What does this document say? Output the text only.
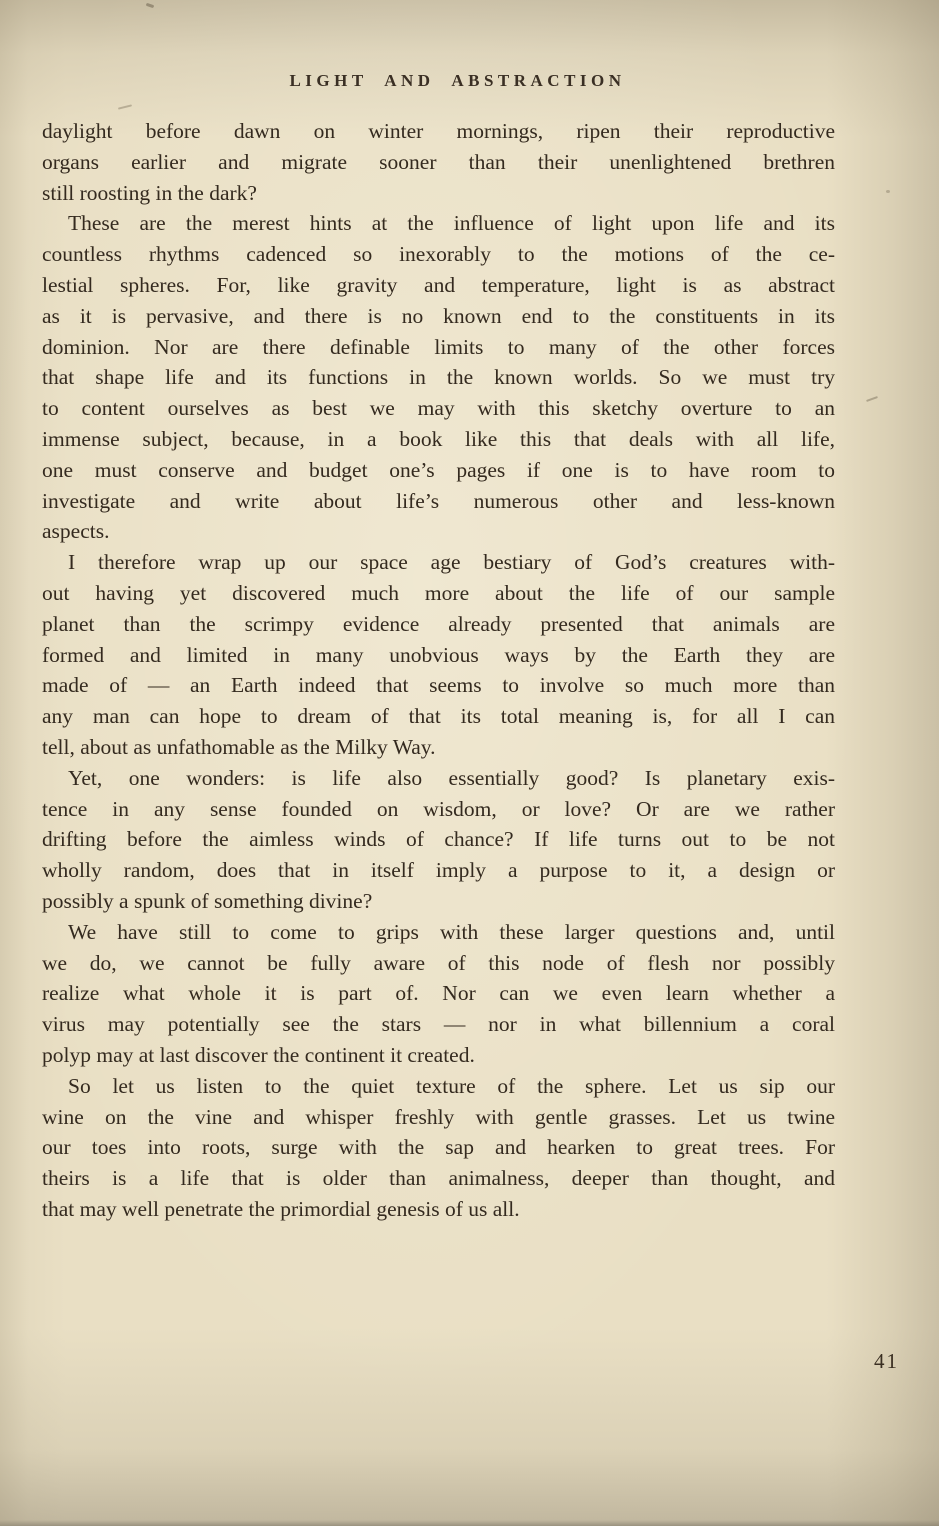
LIGHT AND ABSTRACTION
daylight before dawn on winter mornings, ripen their reproductive
organs earlier and migrate sooner than their unenlightened brethren
still roosting in the dark?
These are the merest hints at the influence of light upon life and its
countless rhythms cadenced so inexorably to the motions of the ce-
lestial spheres. For, like gravity and temperature, light is as abstract
as it is pervasive, and there is no known end to the constituents in its
dominion. Nor are there definable limits to many of the other forces
that shape life and its functions in the known worlds. So we must try
to content ourselves as best we may with this sketchy overture to an
immense subject, because, in a book like this that deals with all life,
one must conserve and budget one’s pages if one is to have room to
investigate and write about life’s numerous other and less-known
aspects.
I therefore wrap up our space age bestiary of God’s creatures with-
out having yet discovered much more about the life of our sample
planet than the scrimpy evidence already presented that animals are
formed and limited in many unobvious ways by the Earth they are
made of — an Earth indeed that seems to involve so much more than
any man can hope to dream of that its total meaning is, for all I can
tell, about as unfathomable as the Milky Way.
Yet, one wonders: is life also essentially good? Is planetary exis-
tence in any sense founded on wisdom, or love? Or are we rather
drifting before the aimless winds of chance? If life turns out to be not
wholly random, does that in itself imply a purpose to it, a design or
possibly a spunk of something divine?
We have still to come to grips with these larger questions and, until
we do, we cannot be fully aware of this node of flesh nor possibly
realize what whole it is part of. Nor can we even learn whether a
virus may potentially see the stars — nor in what billennium a coral
polyp may at last discover the continent it created.
So let us listen to the quiet texture of the sphere. Let us sip our
wine on the vine and whisper freshly with gentle grasses. Let us twine
our toes into roots, surge with the sap and hearken to great trees. For
theirs is a life that is older than animalness, deeper than thought, and
that may well penetrate the primordial genesis of us all.
41
